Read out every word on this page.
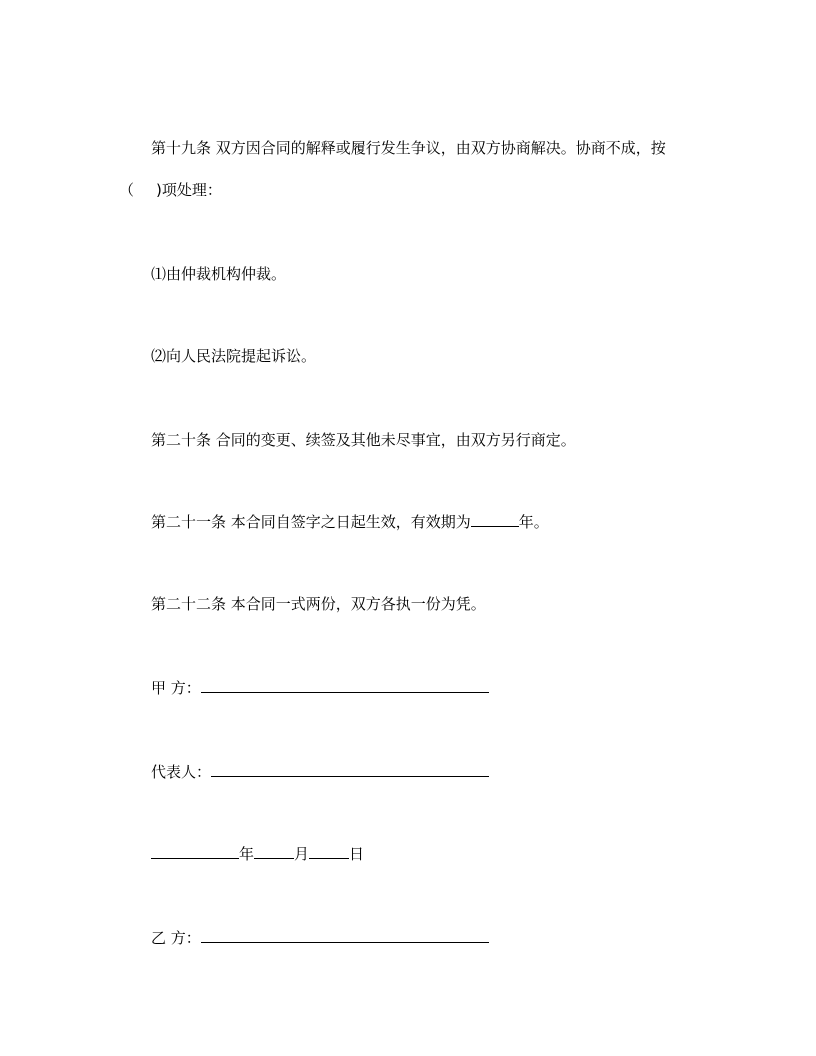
第十九条 双方因合同的解释或履行发生争议，由双方协商解决。协商不成，按
（ )项处理：
⑴由仲裁机构仲裁。
⑵向人民法院提起诉讼。
第二十条 合同的变更、续签及其他未尽事宜，由双方另行商定。
第二十一条 本合同自签字之日起生效，有效期为	年。
第二十二条 本合同一式两份，双方各执一份为凭。
甲 方：
代表人：
年	月	日
乙 方：
